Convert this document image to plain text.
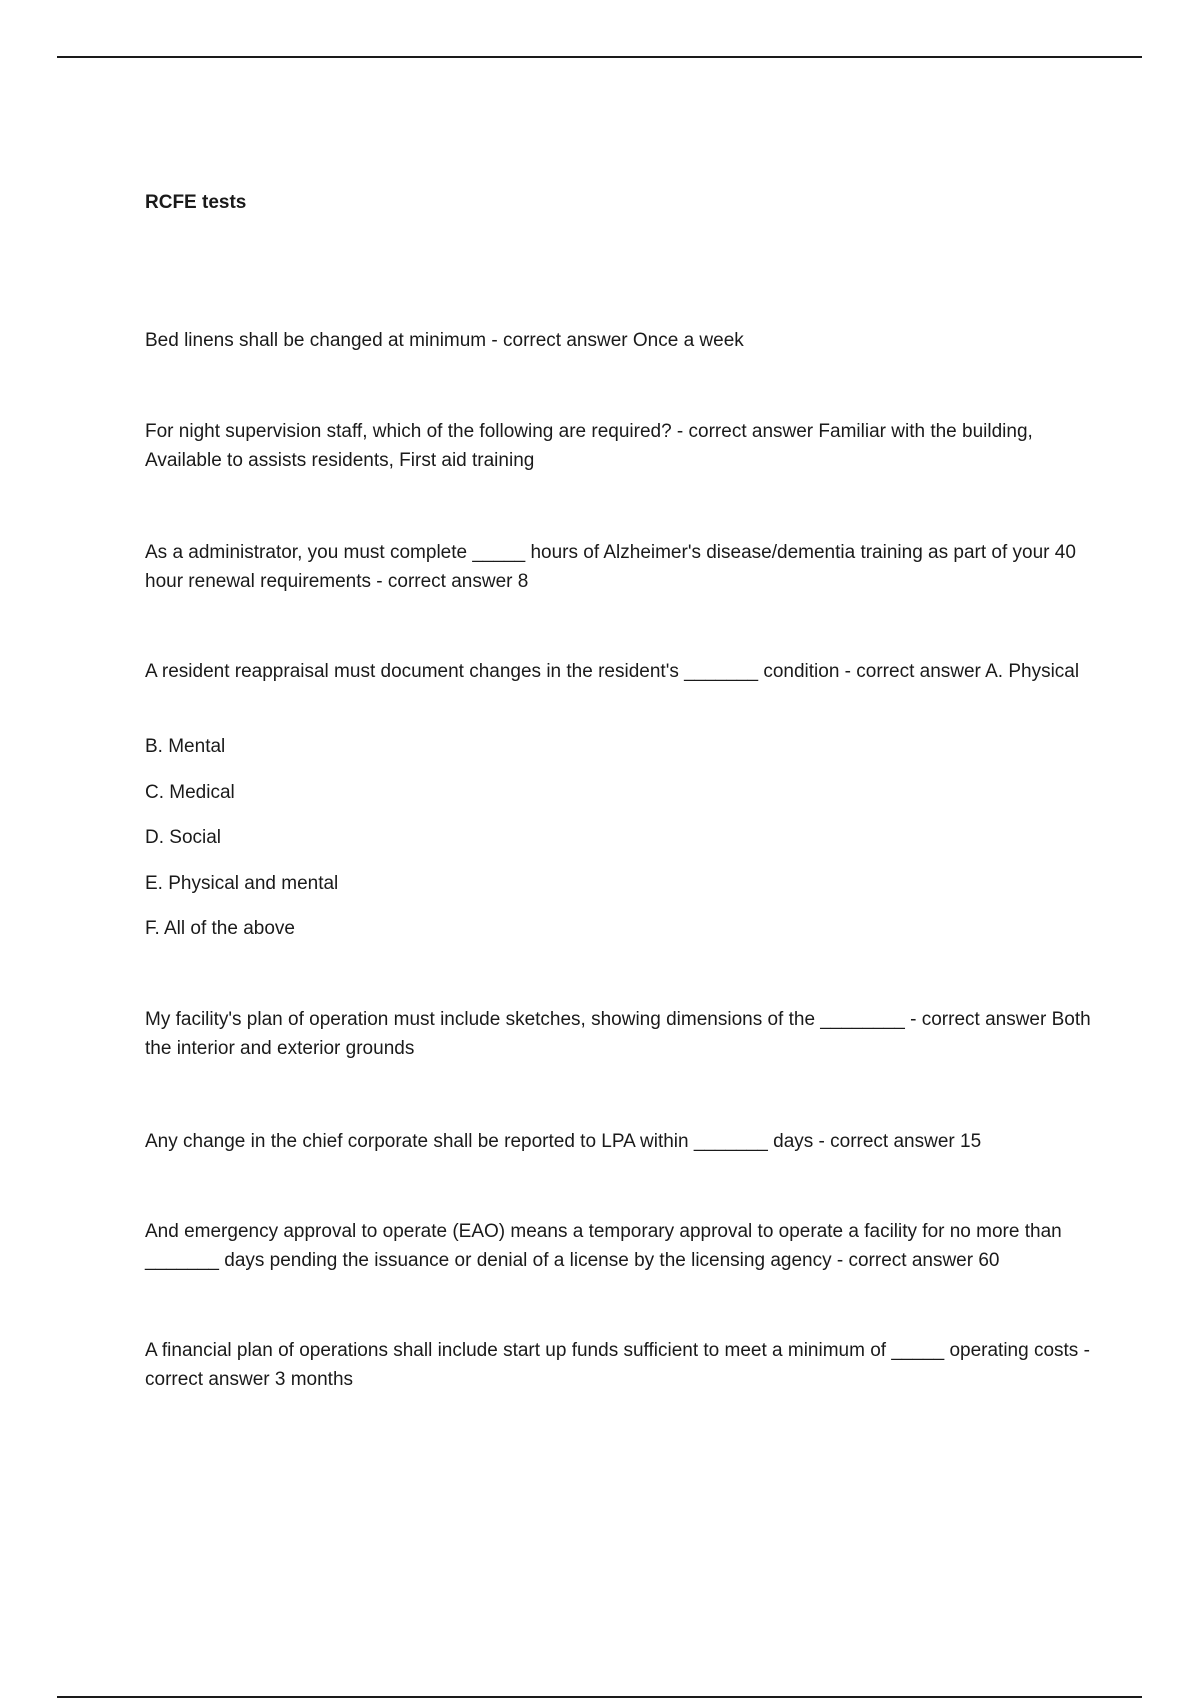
RCFE tests

Bed linens shall be changed at minimum - correct answer Once a week

For night supervision staff, which of the following are required? - correct answer Familiar with the building, Available to assists residents, First aid training

As a administrator, you must complete _____ hours of Alzheimer's disease/dementia training as part of your 40 hour renewal requirements - correct answer 8

A resident reappraisal must document changes in the resident's _______ condition - correct answer A. Physical

B. Mental

C. Medical

D. Social

E. Physical and mental

F. All of the above

My facility's plan of operation must include sketches, showing dimensions of the ________ - correct answer Both the interior and exterior grounds

Any change in the chief corporate shall be reported to LPA within _______ days - correct answer 15

And emergency approval to operate (EAO) means a temporary approval to operate a facility for no more than _______ days pending the issuance or denial of a license by the licensing agency - correct answer 60

A financial plan of operations shall include start up funds sufficient to meet a minimum of _____ operating costs - correct answer 3 months
